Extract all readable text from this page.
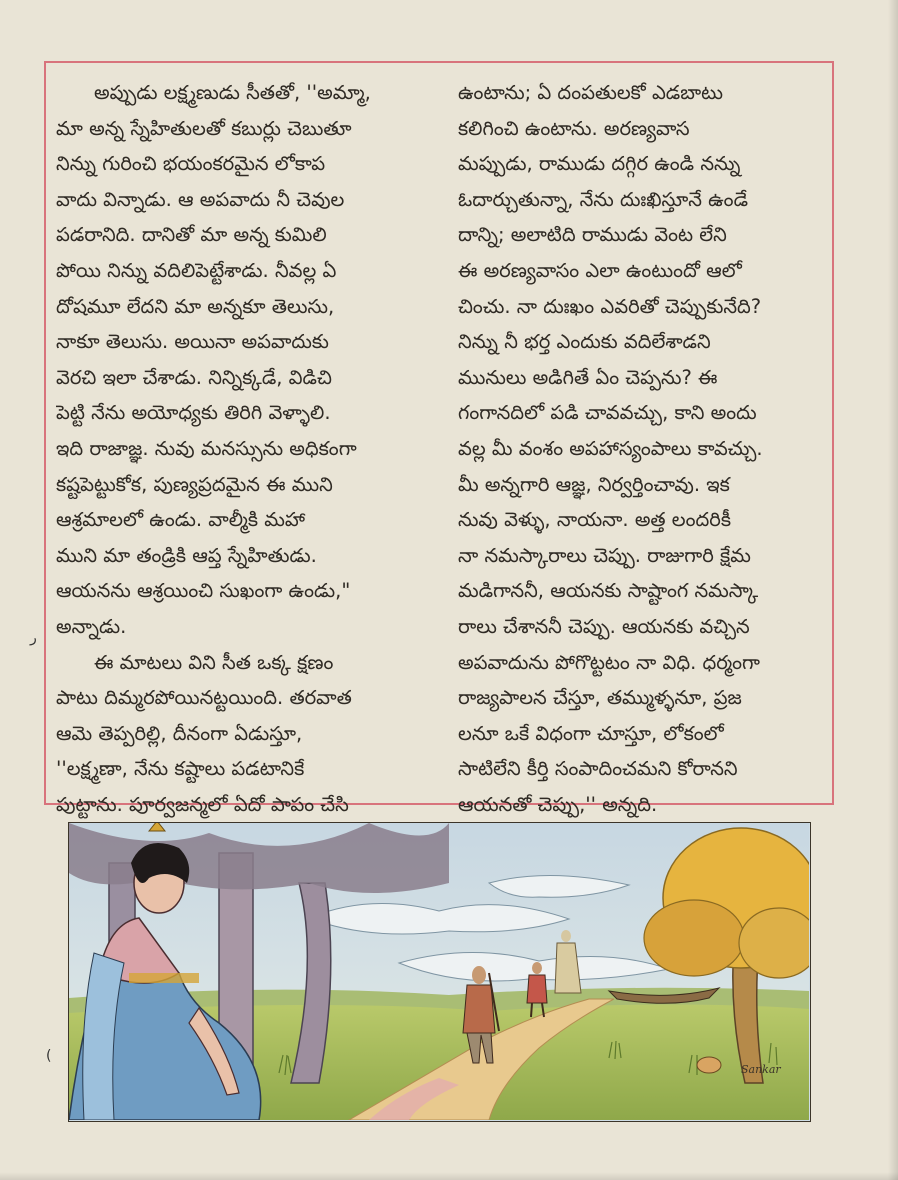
అప్పుడు లక్ష్మణుడు సీతతో, ''అమ్మా,
మా అన్న స్నేహితులతో కబుర్లు చెబుతూ
నిన్ను గురించి భయంకరమైన లోకాప
వాదు విన్నాడు. ఆ అపవాదు నీ చెవుల
పడరానిది. దానితో మా అన్న కుమిలి
పోయి నిన్ను వదిలిపెట్టేశాడు. నీవల్ల ఏ
దోషమూ లేదని మా అన్నకూ తెలుసు,
నాకూ తెలుసు. అయినా అపవాదుకు
వెరచి ఇలా చేశాడు. నిన్నిక్కడే, విడిచి
పెట్టి నేను అయోధ్యకు తిరిగి వెళ్ళాలి.
ఇది రాజాజ్ఞ. నువు మనస్సును అధికంగా
కష్టపెట్టుకోక, పుణ్యప్రదమైన ఈ ముని
ఆశ్రమాలలో ఉండు. వాల్మీకి మహా
ముని మా తండ్రికి ఆప్త స్నేహితుడు.
ఆయనను ఆశ్రయించి సుఖంగా ఉండు,"
అన్నాడు.
ఈ మాటలు విని సీత ఒక్క క్షణం
పాటు దిమ్మరపోయినట్టయింది. తరవాత
ఆమె తెప్పరిల్లి, దీనంగా ఏడుస్తూ,
''లక్ష్మణా, నేను కష్టాలు పడటానికే
పుట్టాను. పూర్వజన్మలో ఏదో పాపం చేసి
ఉంటాను; ఏ దంపతులకో ఎడబాటు
కలిగించి ఉంటాను. అరణ్యవాస
మప్పుడు, రాముడు దగ్గిర ఉండి నన్ను
ఓదార్చుతున్నా, నేను దుఃఖిస్తూనే ఉండే
దాన్ని; అలాటిది రాముడు వెంట లేని
ఈ అరణ్యవాసం ఎలా ఉంటుందో ఆలో
చించు. నా దుఃఖం ఎవరితో చెప్పుకునేది?
నిన్ను నీ భర్త ఎందుకు వదిలేశాడని
మునులు అడిగితే ఏం చెప్పను? ఈ
గంగానదిలో పడి చావవచ్చు, కాని అందు
వల్ల మీ వంశం అపహాస్యంపాలు కావచ్చు.
మీ అన్నగారి ఆజ్ఞ, నిర్వర్తించావు. ఇక
నువు వెళ్ళు, నాయనా. అత్త లందరికీ
నా నమస్కారాలు చెప్పు. రాజుగారి క్షేమ
మడిగాననీ, ఆయనకు సాష్టాంగ నమస్కా
రాలు చేశాననీ చెప్పు. ఆయనకు వచ్చిన
అపవాదును పోగొట్టటం నా విధి. ధర్మంగా
రాజ్యపాలన చేస్తూ, తమ్ముళ్ళనూ, ప్రజ
లనూ ఒకే విధంగా చూస్తూ, లోకంలో
సాటిలేని కీర్తి సంపాదించమని కోరానని
ఆయనతో చెప్పు,'' అన్నది.
ر
Sankar
(
